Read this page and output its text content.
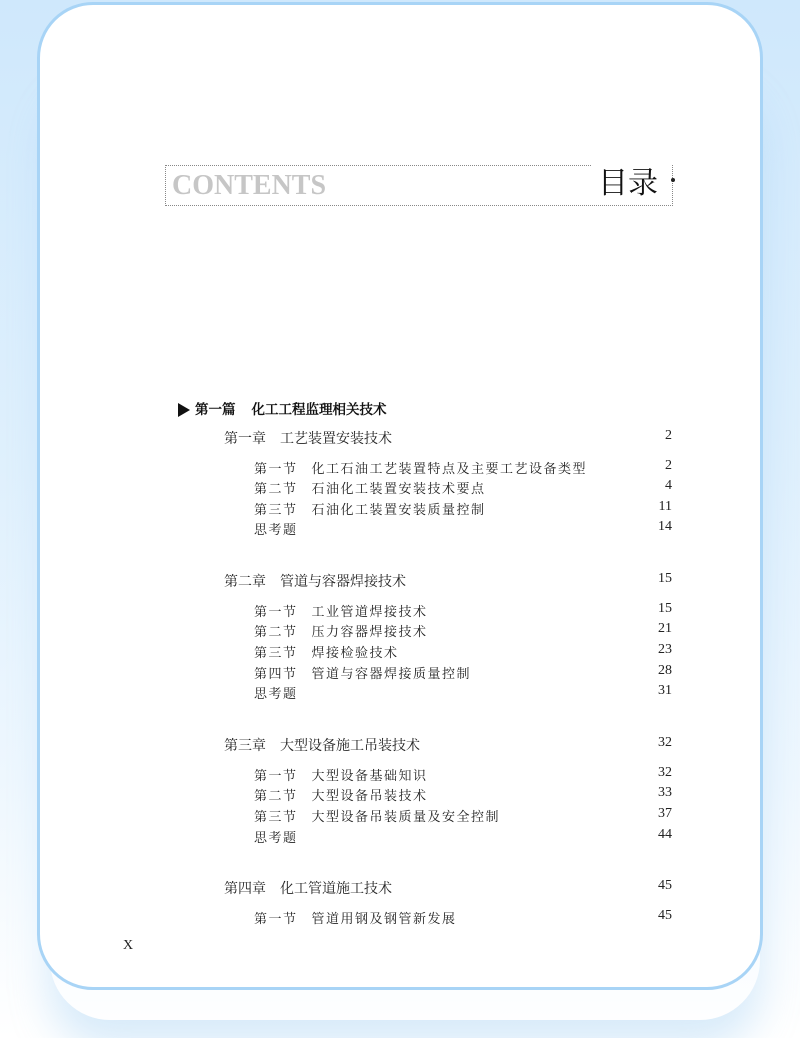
CONTENTS	目录
第一篇 化工工程监理相关技术
第一章 工艺装置安装技术	2
第一节 化工石油工艺装置特点及主要工艺设备类型	2
第二节 石油化工装置安装技术要点	4
第三节 石油化工装置安装质量控制	11
思考题	14
第二章 管道与容器焊接技术	15
第一节 工业管道焊接技术	15
第二节 压力容器焊接技术	21
第三节 焊接检验技术	23
第四节 管道与容器焊接质量控制	28
思考题	31
第三章 大型设备施工吊装技术	32
第一节 大型设备基础知识	32
第二节 大型设备吊装技术	33
第三节 大型设备吊装质量及安全控制	37
思考题	44
第四章 化工管道施工技术	45
第一节 管道用钢及钢管新发展	45
X
